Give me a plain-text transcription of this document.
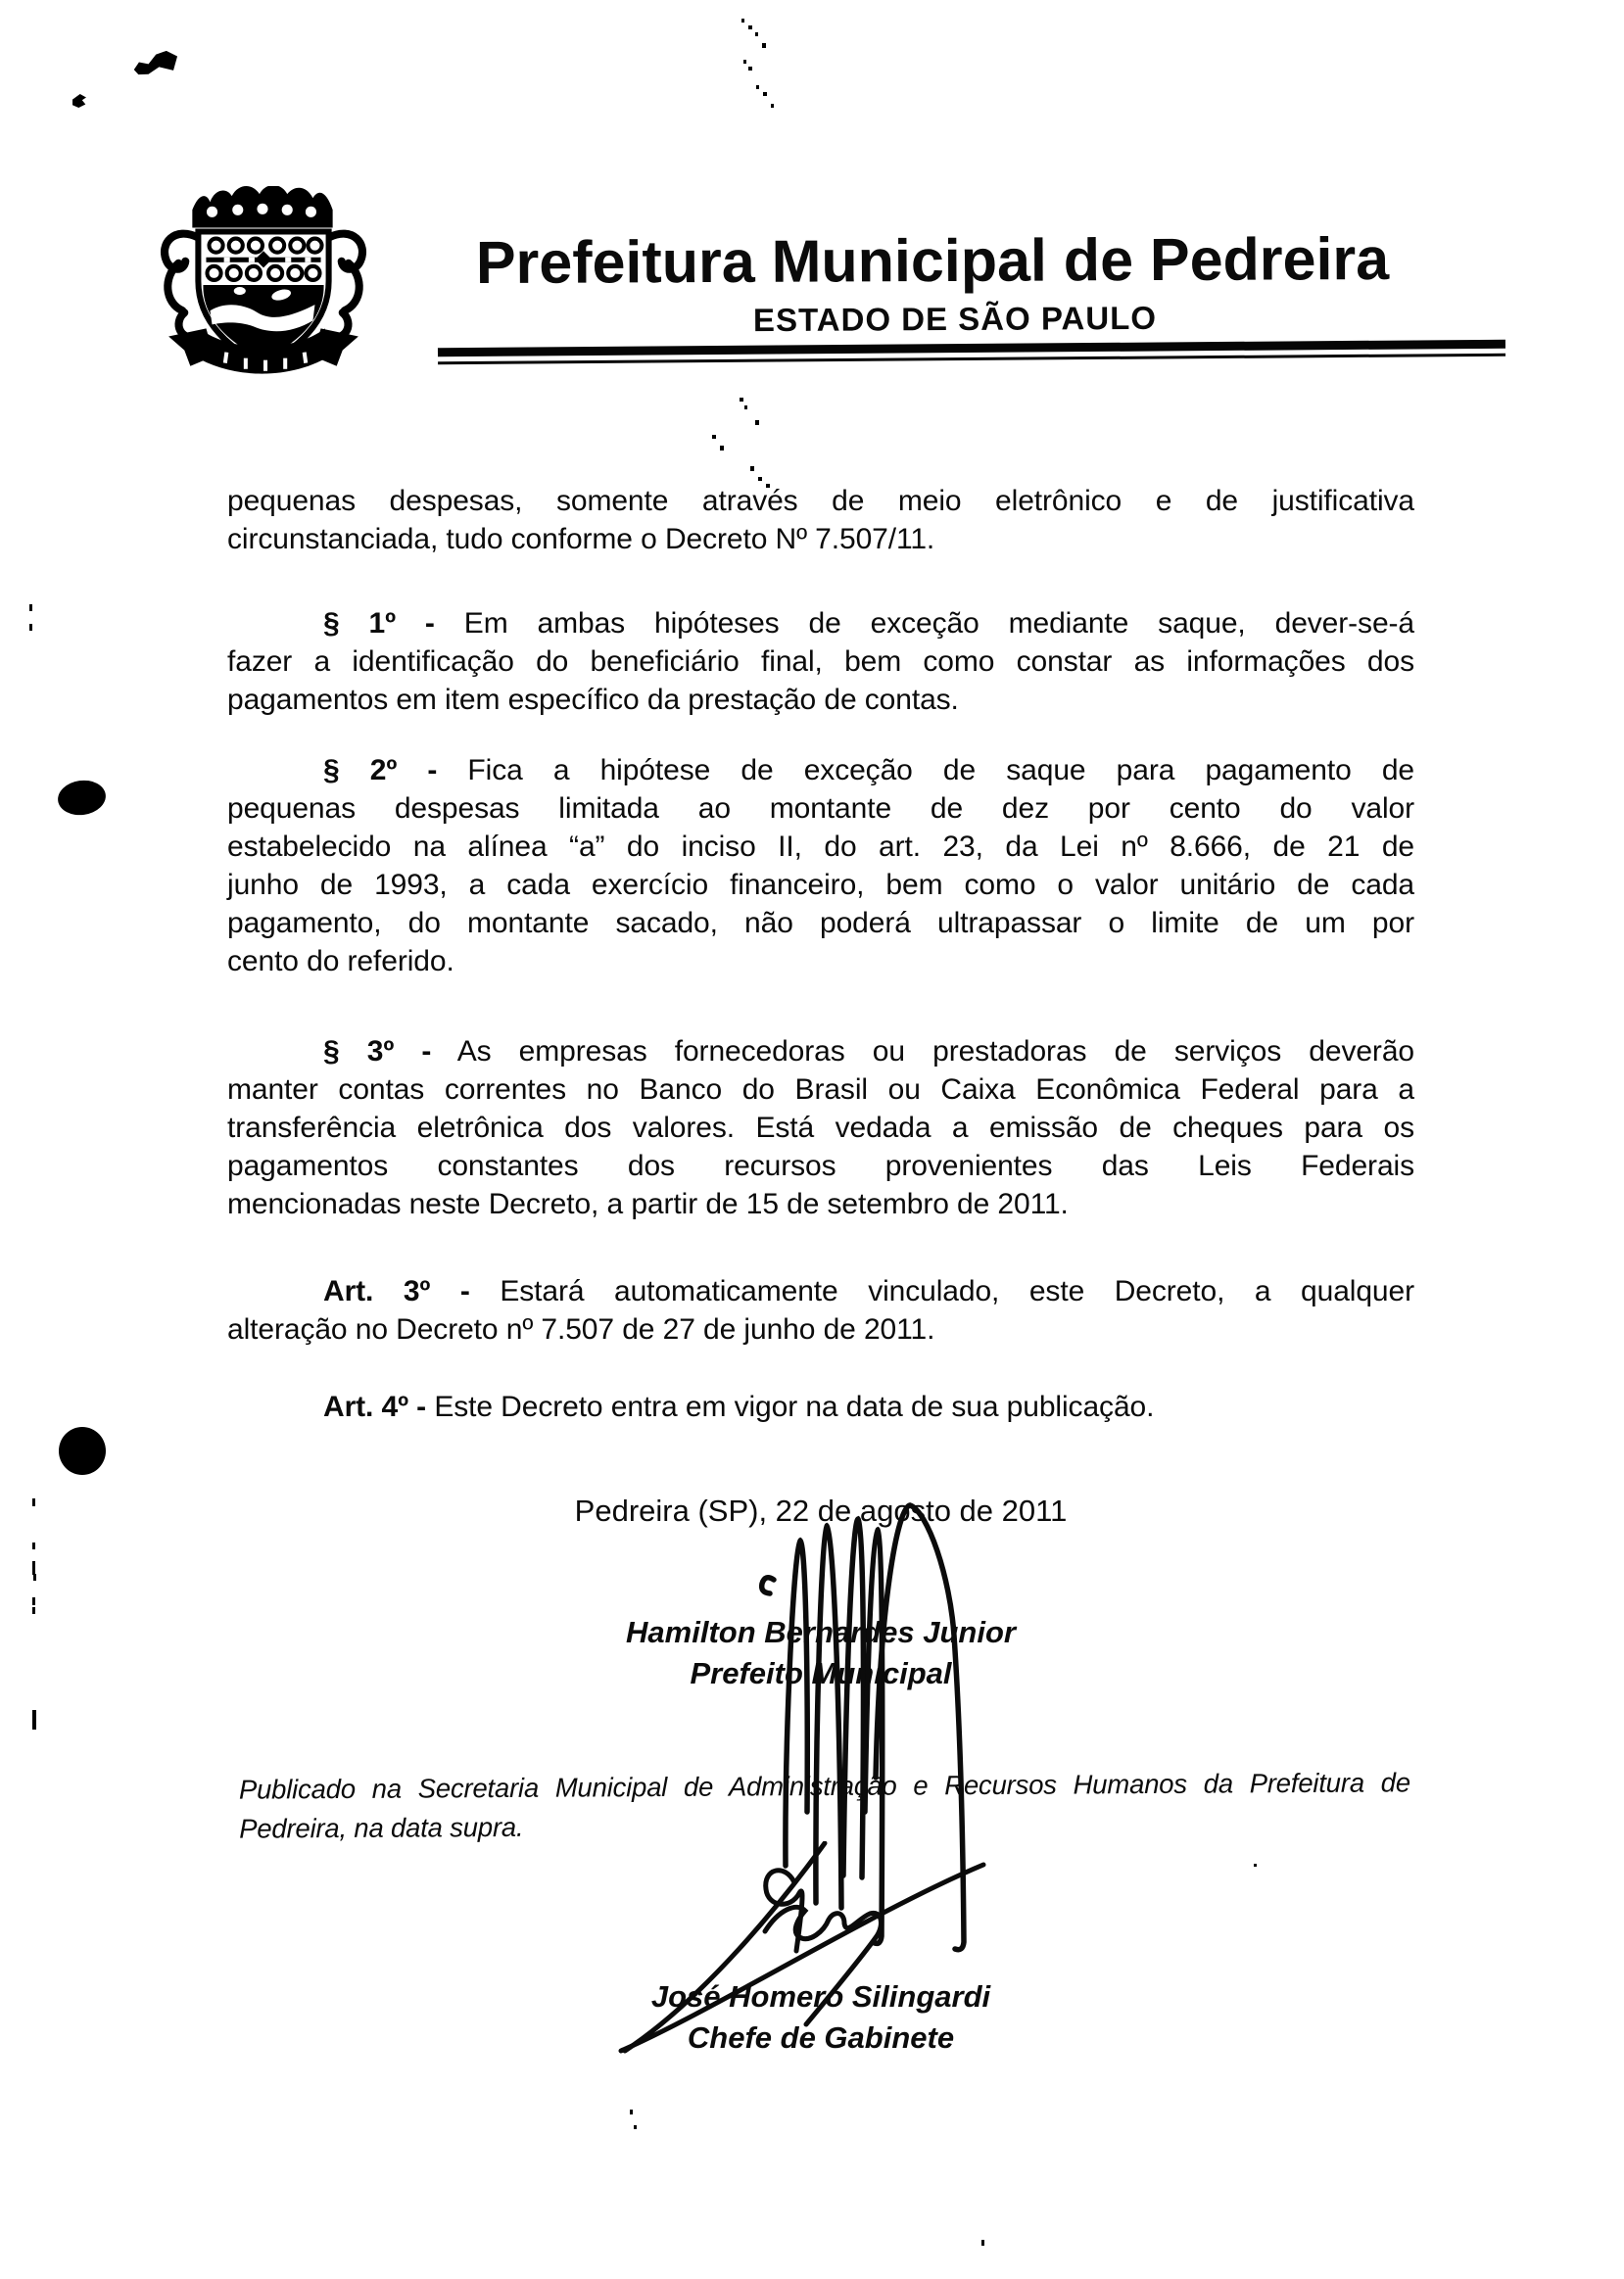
Prefeitura Municipal de Pedreira
ESTADO DE SÃO PAULO
pequenas despesas, somente através de meio eletrônico e de justificativa
circunstanciada, tudo conforme o Decreto Nº 7.507/11.
§ 1º - Em ambas hipóteses de exceção mediante saque, dever-se-á
fazer a identificação do beneficiário final, bem como constar as informações dos
pagamentos em item específico da prestação de contas.
§ 2º - Fica a hipótese de exceção de saque para pagamento de
pequenas despesas limitada ao montante de dez por cento do valor
estabelecido na alínea “a” do inciso II, do art. 23, da Lei nº 8.666, de 21 de
junho de 1993, a cada exercício financeiro, bem como o valor unitário de cada
pagamento, do montante sacado, não poderá ultrapassar o limite de um por
cento do referido.
§ 3º - As empresas fornecedoras ou prestadoras de serviços deverão
manter contas correntes no Banco do Brasil ou Caixa Econômica Federal para a
transferência eletrônica dos valores. Está vedada a emissão de cheques para os
pagamentos constantes dos recursos provenientes das Leis Federais
mencionadas neste Decreto, a partir de 15 de setembro de 2011.
Art. 3º - Estará automaticamente vinculado, este Decreto, a qualquer
alteração no Decreto nº 7.507 de 27 de junho de 2011.
Art. 4º - Este Decreto entra em vigor na data de sua publicação.

Pedreira (SP), 22 de agosto de 2011

Hamilton Bernardes Junior
Prefeito Municipal
Publicado na Secretaria Municipal de Administração e Recursos Humanos da Prefeitura de
Pedreira, na data supra.
José Homero Silingardi
Chefe de Gabinete
